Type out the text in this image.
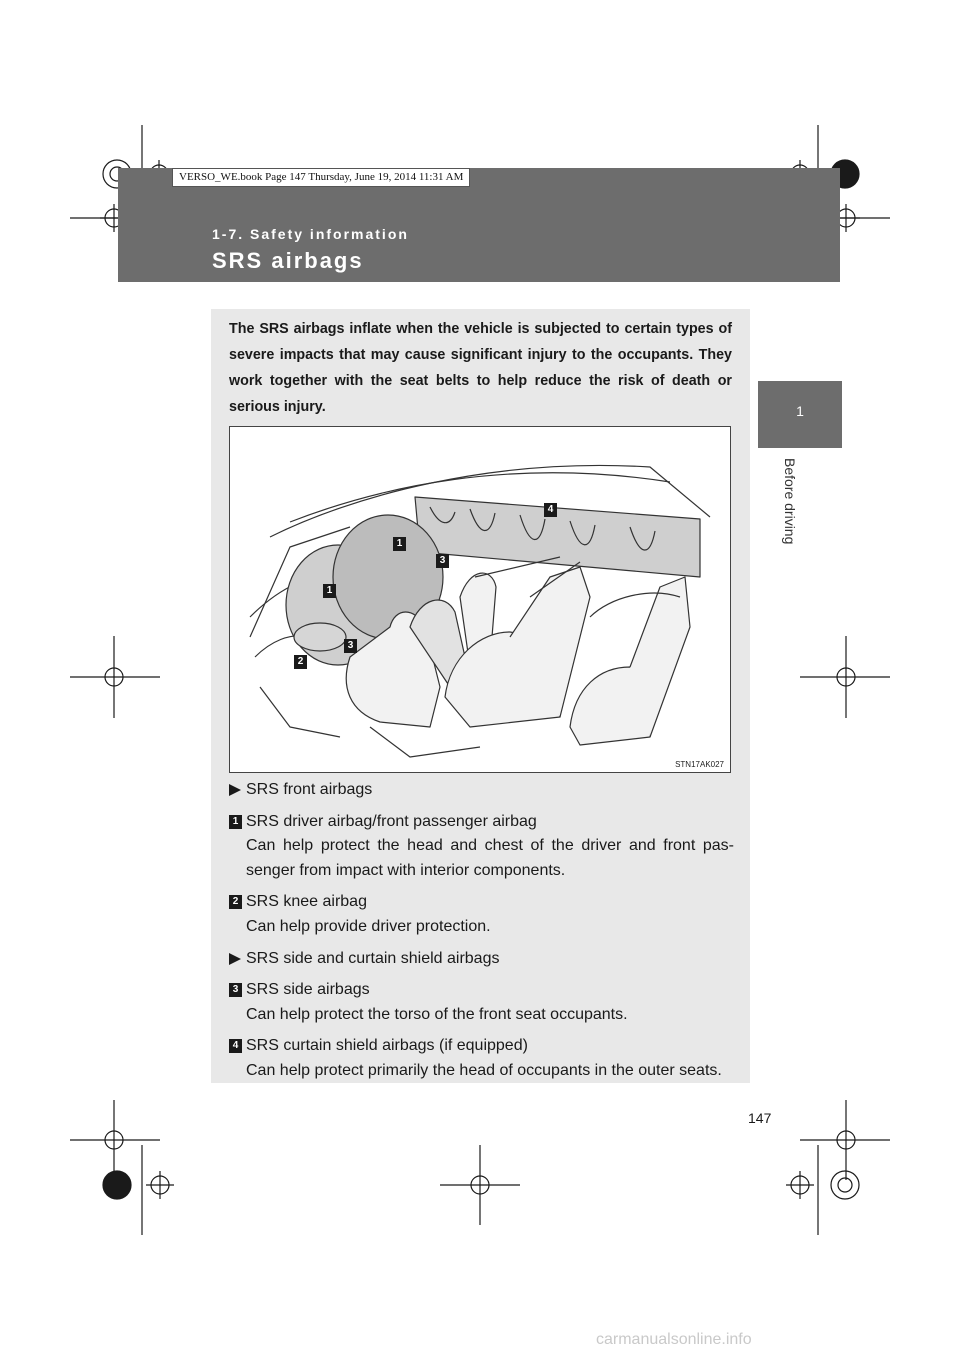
VERSO_WE.book Page 147 Thursday, June 19, 2014 11:31 AM
1-7. Safety information
SRS airbags
1
Before driving
The SRS airbags inflate when the vehicle is subjected to certain types of severe impacts that may cause significant injury to the occupants. They work together with the seat belts to help reduce the risk of death or serious injury.
1
1
3
3
2
4
STN17AK027
SRS front airbags
1 SRS driver airbag/front passenger airbag
Can help protect the head and chest of the driver and front pas-senger from impact with interior components.
2 SRS knee airbag
Can help provide driver protection.
SRS side and curtain shield airbags
3 SRS side airbags
Can help protect the torso of the front seat occupants.
4 SRS curtain shield airbags (if equipped)
Can help protect primarily the head of occupants in the outer seats.
147
carmanualsonline.info
